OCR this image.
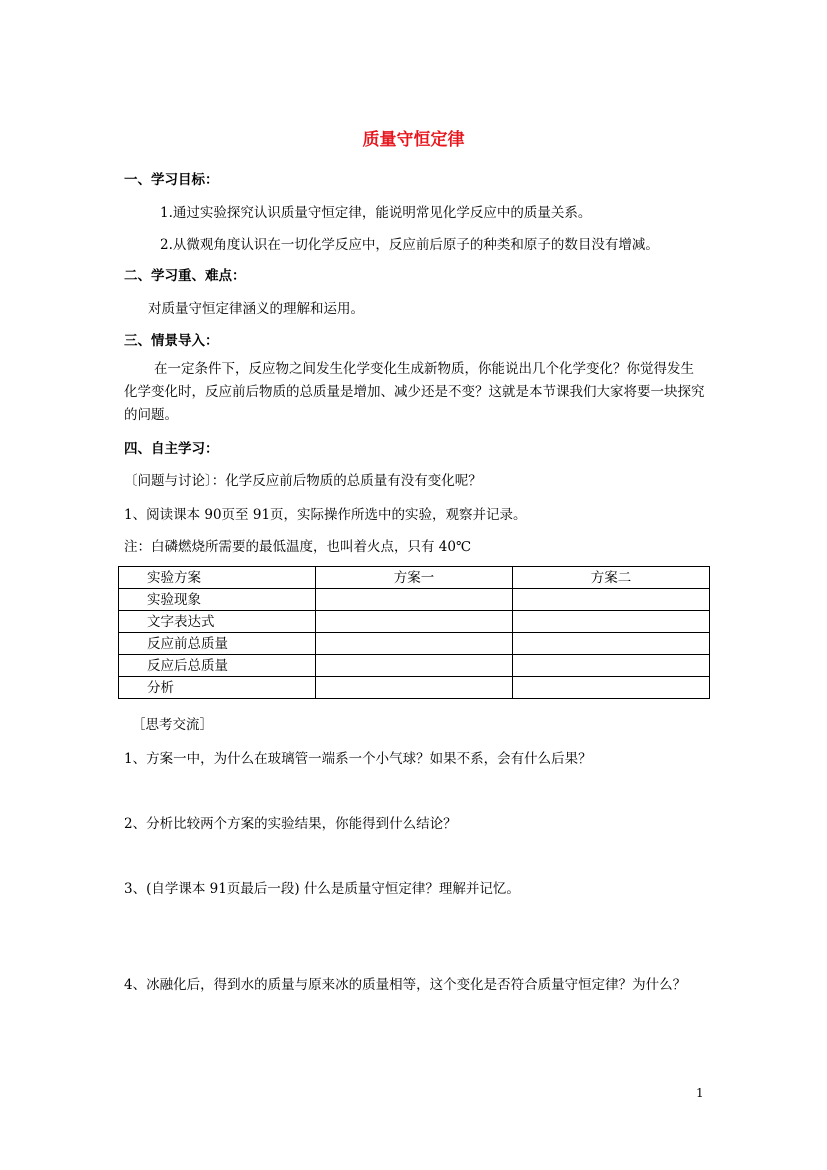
质量守恒定律
一、学习目标：
1.通过实验探究认识质量守恒定律，能说明常见化学反应中的质量关系。
2.从微观角度认识在一切化学反应中，反应前后原子的种类和原子的数目没有增减。
二、学习重、难点：
对质量守恒定律涵义的理解和运用。
三、情景导入：
在一定条件下，反应物之间发生化学变化生成新物质，你能说出几个化学变化？你觉得发生化学变化时，反应前后物质的总质量是增加、减少还是不变？这就是本节课我们大家将要一块探究的问题。
四、自主学习：
〔问题与讨论〕：化学反应前后物质的总质量有没有变化呢？
1、阅读课本 90页至 91页，实际操作所选中的实验，观察并记录。
注：白磷燃烧所需要的最低温度，也叫着火点，只有 40℃
实验方案	方案一	方案二
实验现象		
文字表达式		
反应前总质量		
反应后总质量		
分析		
［思考交流］
1、方案一中，为什么在玻璃管一端系一个小气球？如果不系，会有什么后果？
2、分析比较两个方案的实验结果，你能得到什么结论？
3、(自学课本 91页最后一段) 什么是质量守恒定律？理解并记忆。
4、冰融化后，得到水的质量与原来冰的质量相等，这个变化是否符合质量守恒定律？为什么？
1
